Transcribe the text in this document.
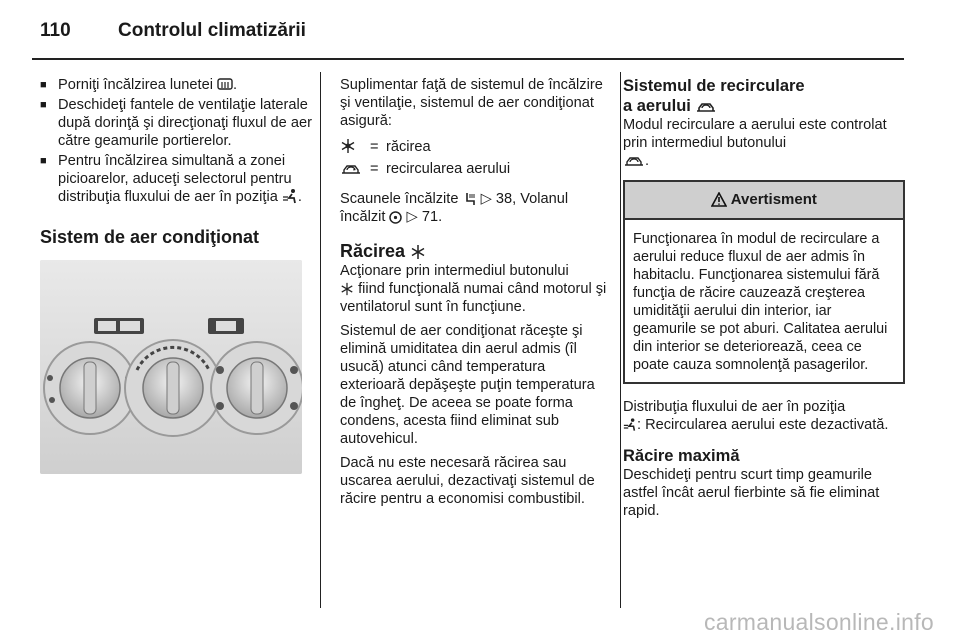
110	Controlul climatizării
■ Porniţi încălzirea lunetei .
■ Deschideţi fantele de ventilaţie laterale după dorinţă şi direcţionaţi fluxul de aer către geamurile portierelor.
■ Pentru încălzirea simultană a zonei picioarelor, aduceţi selectorul pentru distribuţia fluxului de aer în poziţia .
Sistem de aer condiţionat

Suplimentar faţă de sistemul de încălzire şi ventilaţie, sistemul de aer condiţionat asigură:

= răcirea
= recircularea aerului

Scaunele încălzite ▷ 38, Volanul
încălzit ▷ 71.

Răcirea

Acţionare prin intermediul butonului
fiind funcţională numai când motorul şi ventilatorul sunt în funcţiune.

Sistemul de aer condiţionat răceşte şi elimină umiditatea din aerul admis (îl usucă) atunci când temperatura exterioară depăşeşte puţin temperatura de îngheţ. De aceea se poate forma condens, acesta fiind eliminat sub autovehicul.

Dacă nu este necesară răcirea sau uscarea aerului, dezactivaţi sistemul de răcire pentru a economisi combustibil.

Sistemul de recirculare
a aerului

Modul recirculare a aerului este controlat prin intermediul butonului
.

Avertisment
Funcţionarea în modul de recirculare a aerului reduce fluxul de aer admis în habitaclu. Funcţionarea sistemului fără funcţia de răcire cauzează creşterea umidităţii aerului din interior, iar geamurile se pot aburi. Calitatea aerului din interior se deteriorează, ceea ce poate cauza somnolenţă pasagerilor.

Distribuţia fluxului de aer în poziţia
: Recircularea aerului este dezactivată.

Răcire maximă

Deschideţi pentru scurt timp geamurile astfel încât aerul fierbinte să fie eliminat rapid.

carmanualsonline.info
